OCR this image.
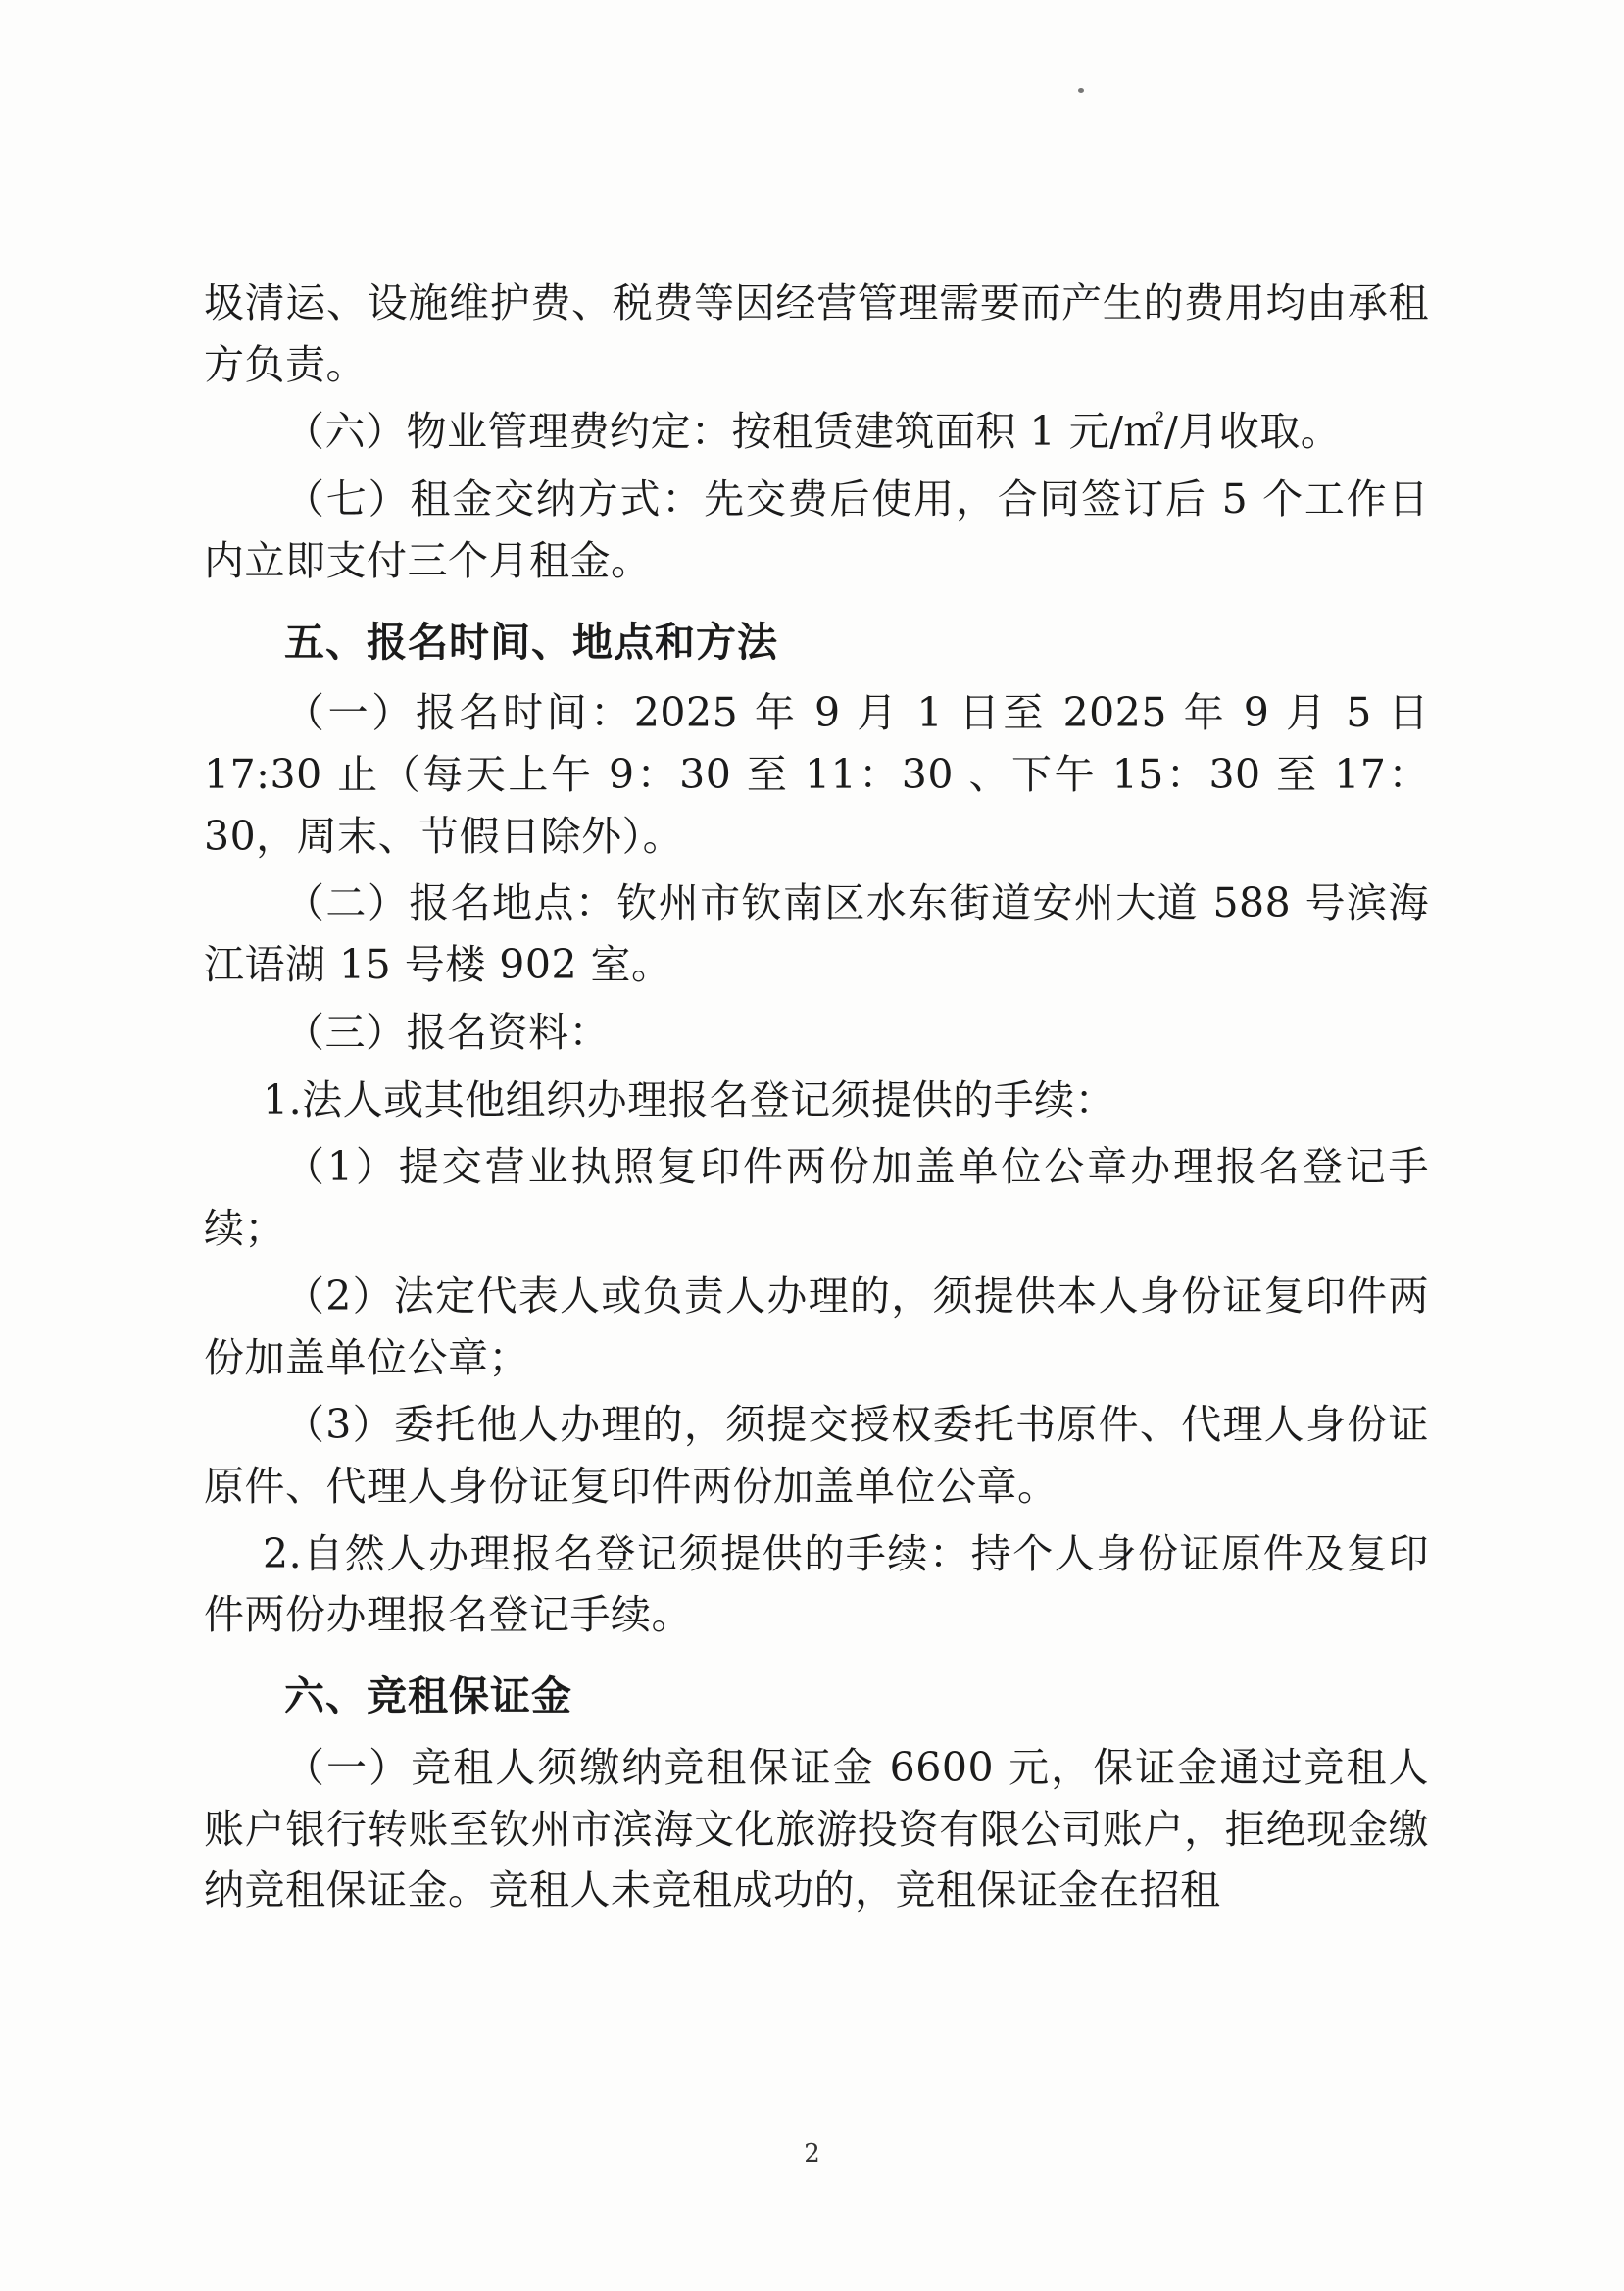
圾清运、设施维护费、税费等因经营管理需要而产生的费用均由承租方负责。

（六）物业管理费约定：按租赁建筑面积 1 元/㎡/月收取。

（七）租金交纳方式：先交费后使用，合同签订后 5 个工作日内立即支付三个月租金。

五、报名时间、地点和方法

（一）报名时间：2025 年 9 月 1 日至 2025 年 9 月 5 日 17:30 止（每天上午 9：30 至 11：30 、下午 15：30 至 17：30，周末、节假日除外）。

（二）报名地点：钦州市钦南区水东街道安州大道 588 号滨海江语湖 15 号楼 902 室。

（三）报名资料：

1.法人或其他组织办理报名登记须提供的手续：

（1）提交营业执照复印件两份加盖单位公章办理报名登记手续；

（2）法定代表人或负责人办理的，须提供本人身份证复印件两份加盖单位公章；

（3）委托他人办理的，须提交授权委托书原件、代理人身份证原件、代理人身份证复印件两份加盖单位公章。

2.自然人办理报名登记须提供的手续：持个人身份证原件及复印件两份办理报名登记手续。

六、竞租保证金

（一）竞租人须缴纳竞租保证金 6600 元，保证金通过竞租人账户银行转账至钦州市滨海文化旅游投资有限公司账户，拒绝现金缴纳竞租保证金。竞租人未竞租成功的，竞租保证金在招租

2
